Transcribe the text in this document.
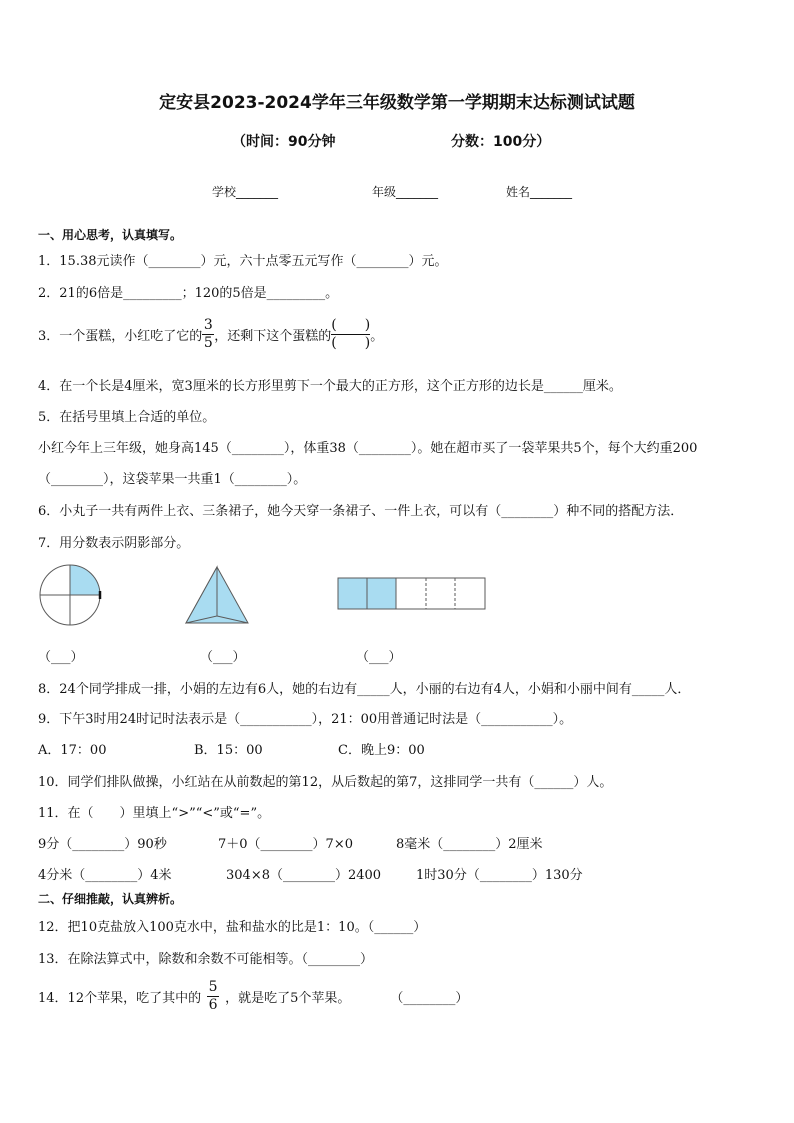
定安县2023-2024学年三年级数学第一学期期末达标测试试题
（时间：90分钟	分数：100分）
学校_______	年级_______	姓名_______
一、用心思考，认真填写。
1．15.38元读作（________）元，六十点零五元写作（________）元。
2．21的6倍是_________；120的5倍是_________。
3．一个蛋糕，小红吃了它的 $\frac{3}{5}$ ，还剩下这个蛋糕的 $\frac{( )}{( )}$ 。
4．在一个长是4厘米，宽3厘米的长方形里剪下一个最大的正方形，这个正方形的边长是______厘米。
5．在括号里填上合适的单位。
小红今年上三年级，她身高145（________），体重38（________）。她在超市买了一袋苹果共5个，每个大约重200
（________），这袋苹果一共重1（________）。
6．小丸子一共有两件上衣、三条裙子，她今天穿一条裙子、一件上衣，可以有（________）种不同的搭配方法．
7．用分数表示阴影部分。
（___）	（___）	（___）
8．24个同学排成一排，小娟的左边有6人，她的右边有_____人，小丽的右边有4人，小娟和小丽中间有_____人．
9．下午3时用24时记时法表示是（___________），21：00用普通记时法是（___________）。
A．17：00	B．15：00	C．晚上9：00
10．同学们排队做操，小红站在从前数起的第12，从后数起的第7，这排同学一共有（______）人。
11．在（　　）里填上“>”“<”或“=”。
9分（________）90秒	7＋0（________）7×0	8毫米（________）2厘米
4分米（________）4米	304×8（________）2400	1时30分（________）130分
二、仔细推敲，认真辨析。
12．把10克盐放入100克水中，盐和盐水的比是1：10。（______）
13．在除法算式中，除数和余数不可能相等。（________）
14．12个苹果，吃了其中的 $\frac{5}{6}$ ，就是吃了5个苹果。	（________）
